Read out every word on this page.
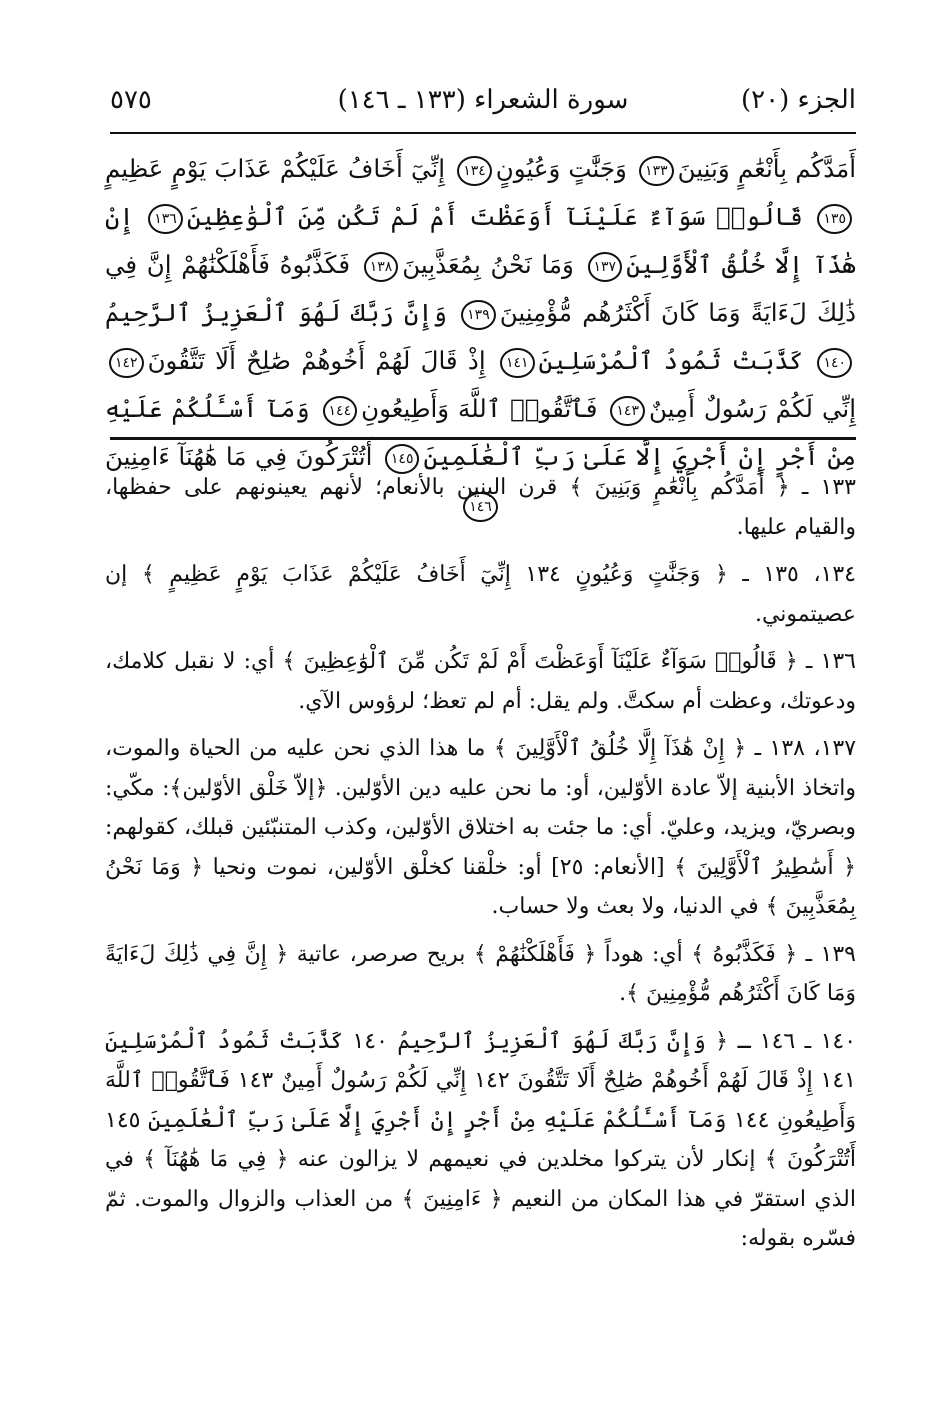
الجزء (٢٠)
سورة الشعراء (١٣٣ ـ ١٤٦)
٥٧٥
أَمَدَّكُم بِأَنْعَٰمٍ وَبَنِينَ١٣٣ وَجَنَّٰتٍ وَعُيُونٍ١٣٤ إِنِّيٓ أَخَافُ عَلَيْكُمْ عَذَابَ يَوْمٍ عَظِيمٍ١٣٥ قَالُوا۟ سَوَآءٌ عَلَيْنَآ أَوَعَظْتَ أَمْ لَمْ تَكُن مِّنَ ٱلْوَٰعِظِينَ١٣٦ إِنْ هَٰذَآ إِلَّا خُلُقُ ٱلْأَوَّلِينَ١٣٧ وَمَا نَحْنُ بِمُعَذَّبِينَ١٣٨ فَكَذَّبُوهُ فَأَهْلَكْنَٰهُمْ إِنَّ فِي ذَٰلِكَ لَءَايَةً وَمَا كَانَ أَكْثَرُهُم مُّؤْمِنِينَ١٣٩ وَإِنَّ رَبَّكَ لَهُوَ ٱلْعَزِيزُ ٱلرَّحِيمُ١٤٠ كَذَّبَتْ ثَمُودُ ٱلْمُرْسَلِينَ١٤١ إِذْ قَالَ لَهُمْ أَخُوهُمْ صَٰلِحٌ أَلَا تَتَّقُونَ١٤٢ إِنِّي لَكُمْ رَسُولٌ أَمِينٌ١٤٣ فَٱتَّقُوا۟ ٱللَّهَ وَأَطِيعُونِ١٤٤ وَمَآ أَسْـَٔلُكُمْ عَلَيْهِ مِنْ أَجْرٍ إِنْ أَجْرِيَ إِلَّا عَلَىٰ رَبِّ ٱلْعَٰلَمِينَ١٤٥ أَتُتْرَكُونَ فِي مَا هَٰهُنَآ ءَامِنِينَ١٤٦

١٣٣ ـ ﴿ أَمَدَّكُم بِأَنْعَٰمٍ وَبَنِينَ ﴾ قرن البنين بالأنعام؛ لأنهم يعينونهم على حفظها، والقيام عليها.

١٣٤، ١٣٥ ـ ﴿ وَجَنَّٰتٍ وَعُيُونٍ ١٣٤ إِنِّيٓ أَخَافُ عَلَيْكُمْ عَذَابَ يَوْمٍ عَظِيمٍ ﴾ إن عصيتموني.

١٣٦ ـ ﴿ قَالُوا۟ سَوَآءٌ عَلَيْنَآ أَوَعَظْتَ أَمْ لَمْ تَكُن مِّنَ ٱلْوَٰعِظِينَ ﴾ أي: لا نقبل كلامك، ودعوتك، وعظت أم سكتَّ. ولم يقل: أم لم تعظ؛ لرؤوس الآي.

١٣٧، ١٣٨ ـ ﴿ إِنْ هَٰذَآ إِلَّا خُلُقُ ٱلْأَوَّلِينَ ﴾ ما هذا الذي نحن عليه من الحياة والموت، واتخاذ الأبنية إلاّ عادة الأوّلين، أو: ما نحن عليه دين الأوّلين. ﴿إلاّ خَلْق الأوّلين﴾: مكّي: وبصريّ، ويزيد، وعليّ. أي: ما جئت به اختلاق الأوّلين، وكذب المتنبّئين قبلك، كقولهم: ﴿ أَسَٰطِيرُ ٱلْأَوَّلِينَ ﴾ [الأنعام: ٢٥] أو: خلْقنا كخلْق الأوّلين، نموت ونحيا ﴿ وَمَا نَحْنُ بِمُعَذَّبِينَ ﴾ في الدنيا، ولا بعث ولا حساب.

١٣٩ ـ ﴿ فَكَذَّبُوهُ ﴾ أي: هوداً ﴿ فَأَهْلَكْنَٰهُمْ ﴾ بريح صرصر، عاتية ﴿ إِنَّ فِي ذَٰلِكَ لَءَايَةً وَمَا كَانَ أَكْثَرُهُم مُّؤْمِنِينَ ﴾.

١٤٠ ـ ١٤٦ ـ ﴿ وَإِنَّ رَبَّكَ لَهُوَ ٱلْعَزِيزُ ٱلرَّحِيمُ ١٤٠ كَذَّبَتْ ثَمُودُ ٱلْمُرْسَلِينَ ١٤١ إِذْ قَالَ لَهُمْ أَخُوهُمْ صَٰلِحٌ أَلَا تَتَّقُونَ ١٤٢ إِنِّي لَكُمْ رَسُولٌ أَمِينٌ ١٤٣ فَٱتَّقُوا۟ ٱللَّهَ وَأَطِيعُونِ ١٤٤ وَمَآ أَسْـَٔلُكُمْ عَلَيْهِ مِنْ أَجْرٍ إِنْ أَجْرِيَ إِلَّا عَلَىٰ رَبِّ ٱلْعَٰلَمِينَ ١٤٥ أَتُتْرَكُونَ ﴾ إنكار لأن يتركوا مخلدين في نعيمهم لا يزالون عنه ﴿ فِي مَا هَٰهُنَآ ﴾ في الذي استقرّ في هذا المكان من النعيم ﴿ ءَامِنِينَ ﴾ من العذاب والزوال والموت. ثمّ فسّره بقوله:
